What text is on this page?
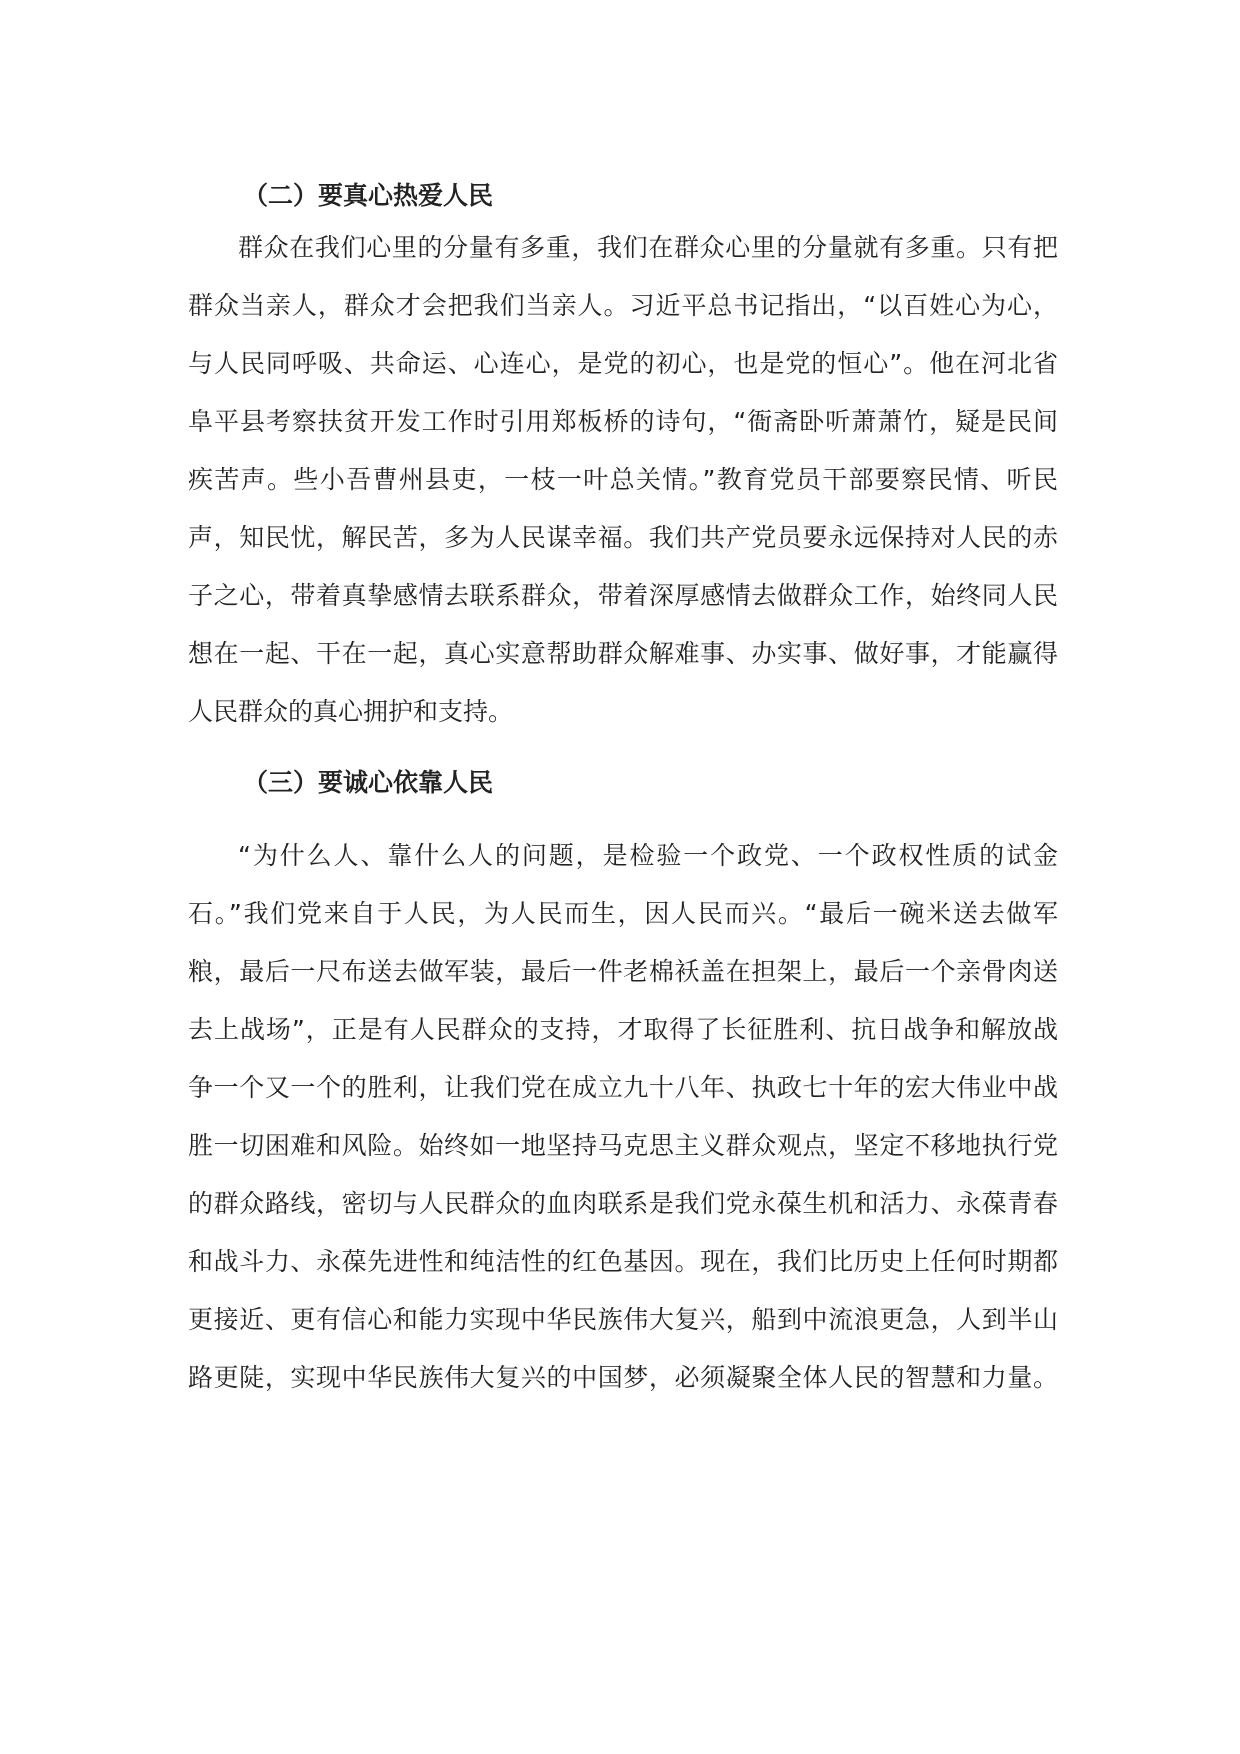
（二）要真心热爱人民
群众在我们心里的分量有多重，我们在群众心里的分量就有多重。只有把
群众当亲人，群众才会把我们当亲人。习近平总书记指出，“以百姓心为心，
与人民同呼吸、共命运、心连心，是党的初心，也是党的恒心”。他在河北省
阜平县考察扶贫开发工作时引用郑板桥的诗句，“衙斋卧听萧萧竹，疑是民间
疾苦声。些小吾曹州县吏，一枝一叶总关情。”教育党员干部要察民情、听民
声，知民忧，解民苦，多为人民谋幸福。我们共产党员要永远保持对人民的赤
子之心，带着真挚感情去联系群众，带着深厚感情去做群众工作，始终同人民
想在一起、干在一起，真心实意帮助群众解难事、办实事、做好事，才能赢得
人民群众的真心拥护和支持。
（三）要诚心依靠人民
“为什么人、靠什么人的问题，是检验一个政党、一个政权性质的试金
石。”我们党来自于人民，为人民而生，因人民而兴。“最后一碗米送去做军
粮，最后一尺布送去做军装，最后一件老棉袄盖在担架上，最后一个亲骨肉送
去上战场”，正是有人民群众的支持，才取得了长征胜利、抗日战争和解放战
争一个又一个的胜利，让我们党在成立九十八年、执政七十年的宏大伟业中战
胜一切困难和风险。始终如一地坚持马克思主义群众观点，坚定不移地执行党
的群众路线，密切与人民群众的血肉联系是我们党永葆生机和活力、永葆青春
和战斗力、永葆先进性和纯洁性的红色基因。现在，我们比历史上任何时期都
更接近、更有信心和能力实现中华民族伟大复兴，船到中流浪更急，人到半山
路更陡，实现中华民族伟大复兴的中国梦，必须凝聚全体人民的智慧和力量。
